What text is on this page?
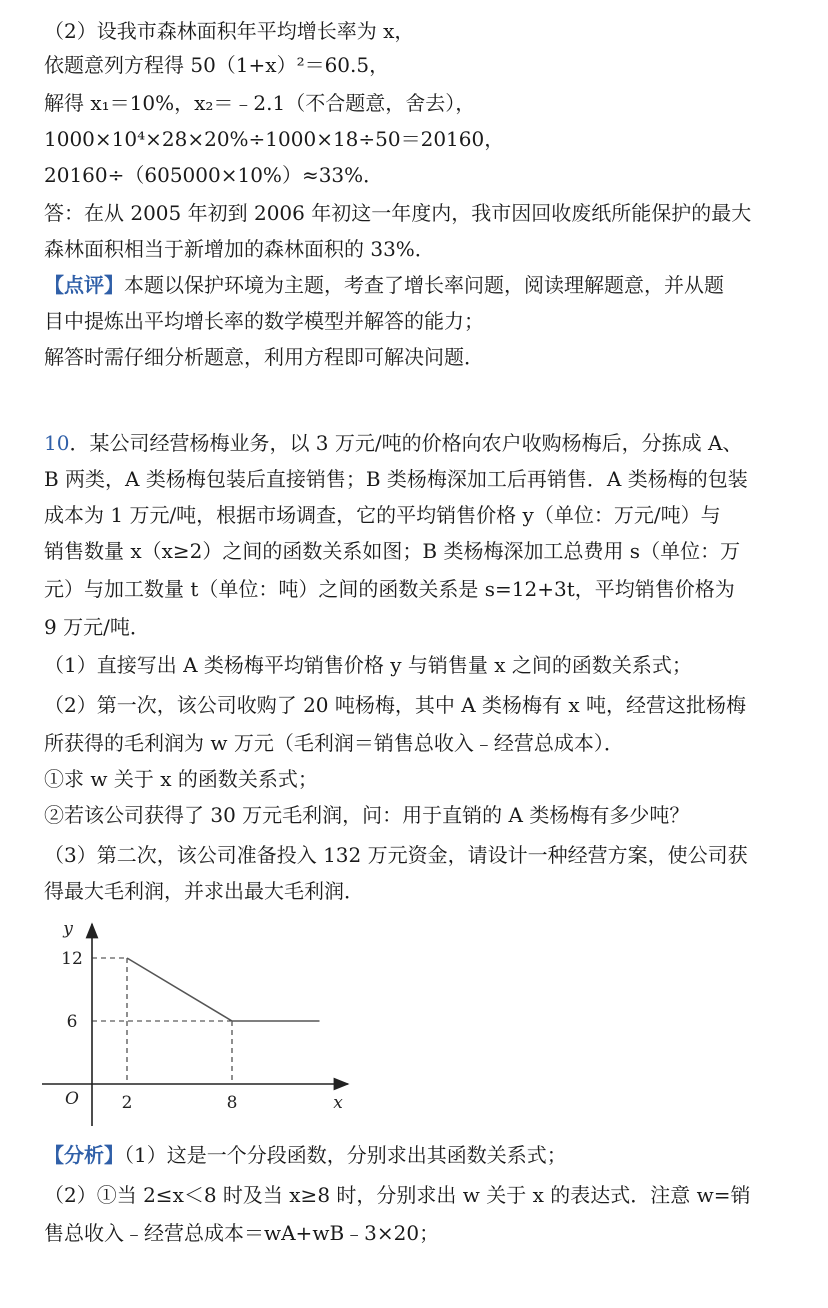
（2）设我市森林面积年平均增长率为 x，
依题意列方程得 50（1+x）²＝60.5，
解得 x₁＝10%，x₂＝﹣2.1（不合题意，舍去），
1000×10⁴×28×20%÷1000×18÷50＝20160，
20160÷（605000×10%）≈33%．
答：在从 2005 年初到 2006 年初这一年度内，我市因回收废纸所能保护的最大
森林面积相当于新增加的森林面积的 33%．
【点评】本题以保护环境为主题，考查了增长率问题，阅读理解题意，并从题
目中提炼出平均增长率的数学模型并解答的能力；
解答时需仔细分析题意，利用方程即可解决问题．
10．某公司经营杨梅业务，以 3 万元/吨的价格向农户收购杨梅后，分拣成 A、
B 两类，A 类杨梅包装后直接销售；B 类杨梅深加工后再销售．A 类杨梅的包装
成本为 1 万元/吨，根据市场调查，它的平均销售价格 y（单位：万元/吨）与
销售数量 x（x≥2）之间的函数关系如图；B 类杨梅深加工总费用 s（单位：万
元）与加工数量 t（单位：吨）之间的函数关系是 s=12+3t，平均销售价格为
9 万元/吨．
（1）直接写出 A 类杨梅平均销售价格 y 与销售量 x 之间的函数关系式；
（2）第一次，该公司收购了 20 吨杨梅，其中 A 类杨梅有 x 吨，经营这批杨梅
所获得的毛利润为 w 万元（毛利润＝销售总收入﹣经营总成本）．
①求 w 关于 x 的函数关系式；
②若该公司获得了 30 万元毛利润，问：用于直销的 A 类杨梅有多少吨？
（3）第二次，该公司准备投入 132 万元资金，请设计一种经营方案，使公司获
得最大毛利润，并求出最大毛利润．
y
x
O
12
6
2	8
【分析】（1）这是一个分段函数，分别求出其函数关系式；
（2）①当 2≤x＜8 时及当 x≥8 时，分别求出 w 关于 x 的表达式．注意 w=销
售总收入﹣经营总成本＝wA+wB﹣3×20；
